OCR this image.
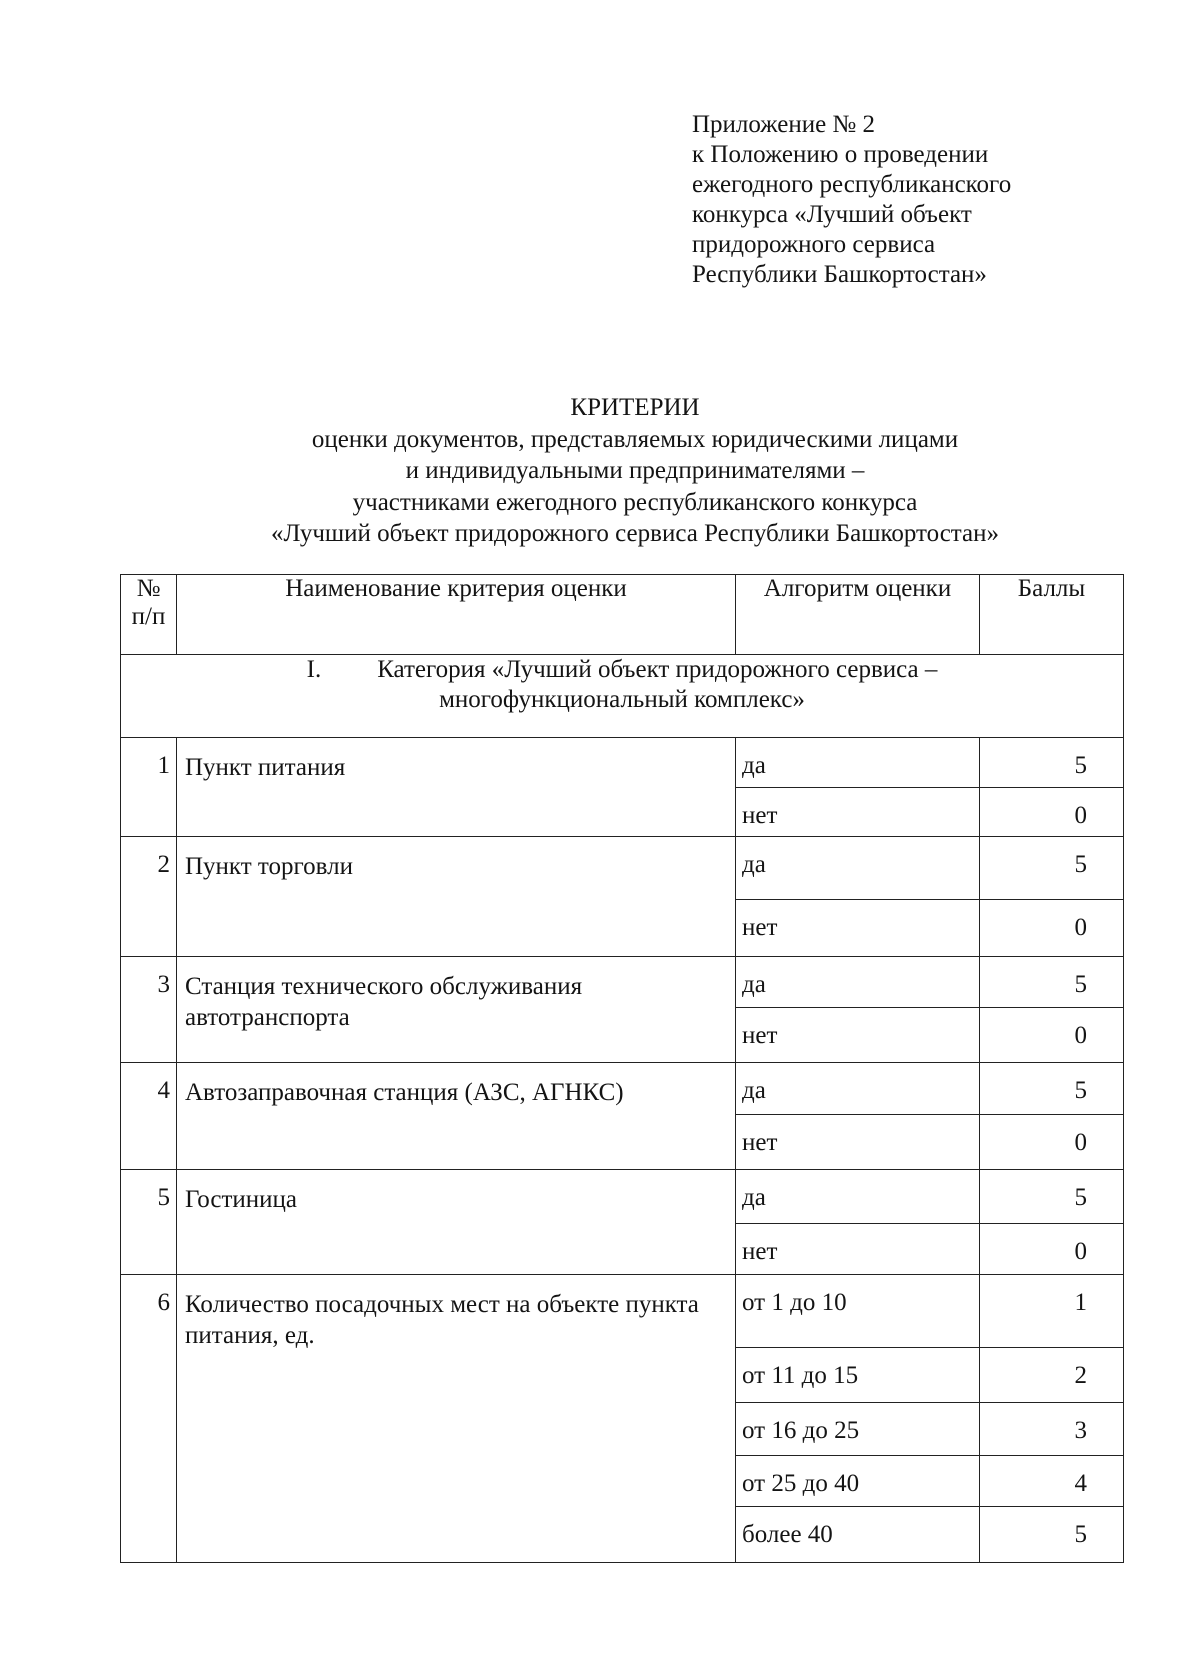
Приложение № 2
к Положению о проведении
ежегодного республиканского
конкурса «Лучший объект
придорожного сервиса
Республики Башкортостан»
КРИТЕРИИ
оценки документов, представляемых юридическими лицами
и индивидуальными предпринимателями –
участниками ежегодного республиканского конкурса
«Лучший объект придорожного сервиса Республики Башкортостан»
№
п/п	Наименование критерия оценки	Алгоритм оценки	Баллы

I. Категория «Лучший объект придорожного сервиса –
многофункциональный комплекс»			

1	Пункт питания	да	5
		нет	0
2	Пункт торговли	да	5
		нет	0
3	Станция технического обслуживания автотранспорта	да	5
		нет	0
4	Автозаправочная станция (АЗС, АГНКС)	да	5
		нет	0
5	Гостиница	да	5
		нет	0
6	Количество посадочных мест на объекте пункта питания, ед.	от 1 до 10	1
		от 11 до 15	2
		от 16 до 25	3
		от 25 до 40	4
		более 40	5
